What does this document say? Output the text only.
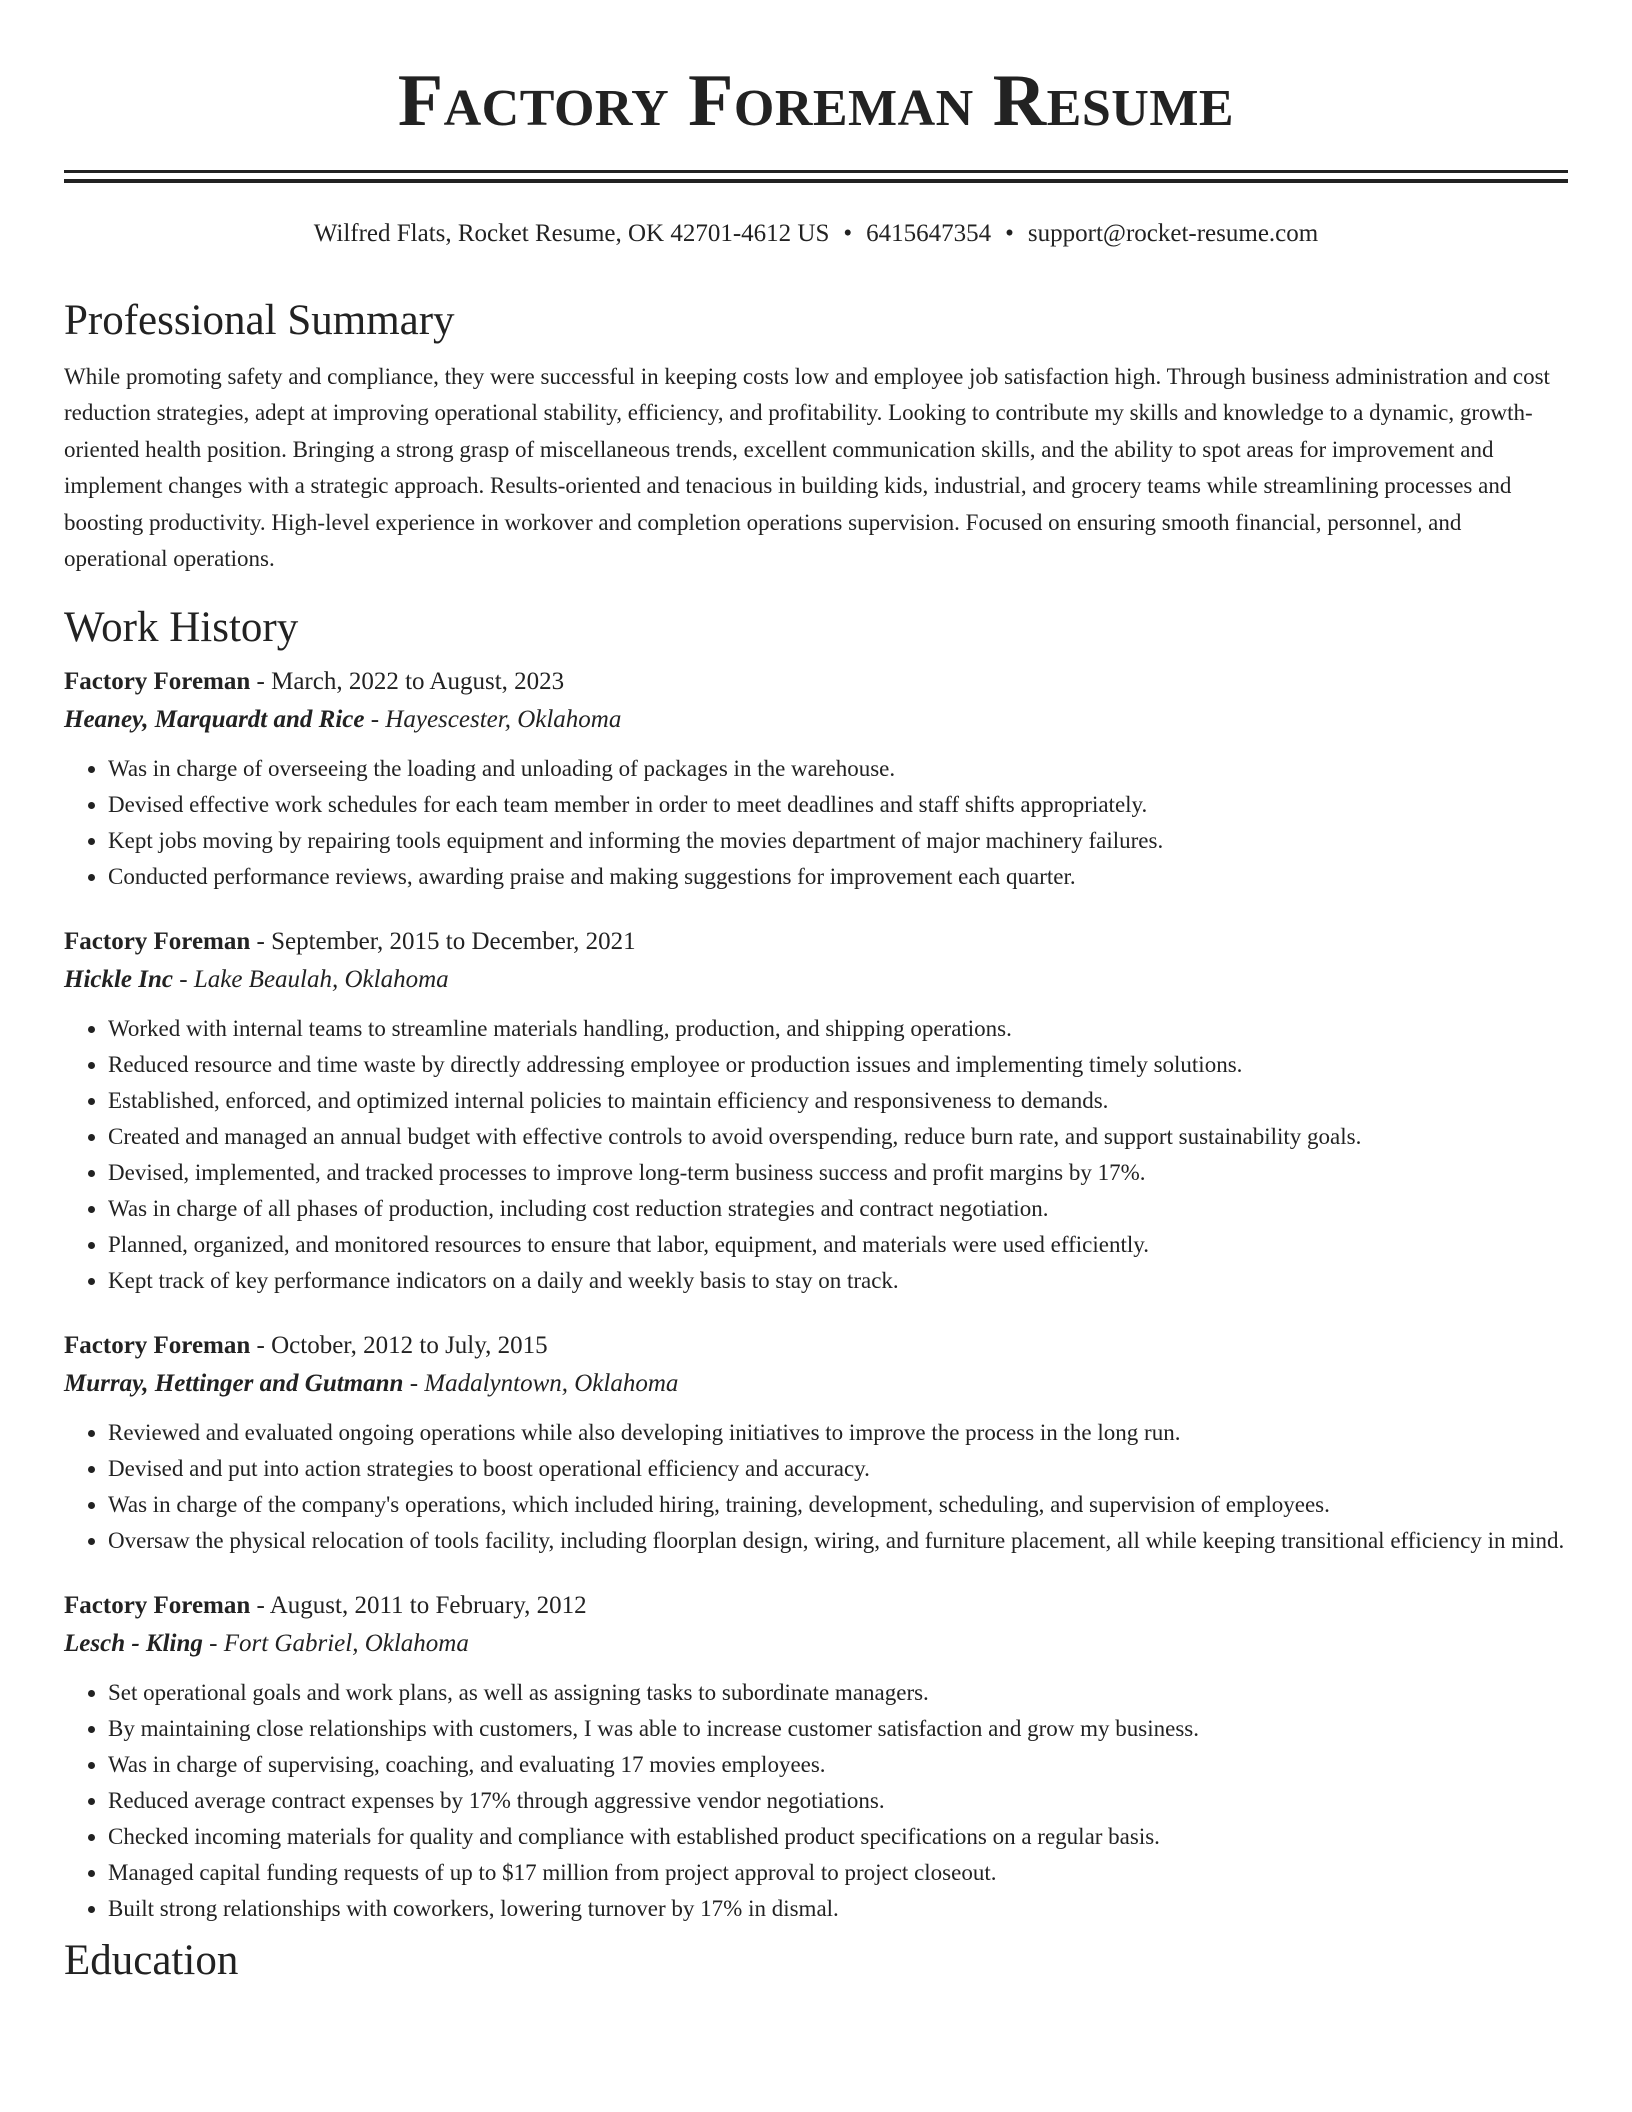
Factory Foreman Resume
Wilfred Flats, Rocket Resume, OK 42701-4612 US • 6415647354 • support@rocket-resume.com
Professional Summary
While promoting safety and compliance, they were successful in keeping costs low and employee job satisfaction high. Through business administration and cost reduction strategies, adept at improving operational stability, efficiency, and profitability. Looking to contribute my skills and knowledge to a dynamic, growth-oriented health position. Bringing a strong grasp of miscellaneous trends, excellent communication skills, and the ability to spot areas for improvement and implement changes with a strategic approach. Results-oriented and tenacious in building kids, industrial, and grocery teams while streamlining processes and boosting productivity. High-level experience in workover and completion operations supervision. Focused on ensuring smooth financial, personnel, and operational operations.
Work History
Factory Foreman - March, 2022 to August, 2023
Heaney, Marquardt and Rice - Hayescester, Oklahoma
• Was in charge of overseeing the loading and unloading of packages in the warehouse.
• Devised effective work schedules for each team member in order to meet deadlines and staff shifts appropriately.
• Kept jobs moving by repairing tools equipment and informing the movies department of major machinery failures.
• Conducted performance reviews, awarding praise and making suggestions for improvement each quarter.
Factory Foreman - September, 2015 to December, 2021
Hickle Inc - Lake Beaulah, Oklahoma
• Worked with internal teams to streamline materials handling, production, and shipping operations.
• Reduced resource and time waste by directly addressing employee or production issues and implementing timely solutions.
• Established, enforced, and optimized internal policies to maintain efficiency and responsiveness to demands.
• Created and managed an annual budget with effective controls to avoid overspending, reduce burn rate, and support sustainability goals.
• Devised, implemented, and tracked processes to improve long-term business success and profit margins by 17%.
• Was in charge of all phases of production, including cost reduction strategies and contract negotiation.
• Planned, organized, and monitored resources to ensure that labor, equipment, and materials were used efficiently.
• Kept track of key performance indicators on a daily and weekly basis to stay on track.
Factory Foreman - October, 2012 to July, 2015
Murray, Hettinger and Gutmann - Madalyntown, Oklahoma
• Reviewed and evaluated ongoing operations while also developing initiatives to improve the process in the long run.
• Devised and put into action strategies to boost operational efficiency and accuracy.
• Was in charge of the company's operations, which included hiring, training, development, scheduling, and supervision of employees.
• Oversaw the physical relocation of tools facility, including floorplan design, wiring, and furniture placement, all while keeping transitional efficiency in mind.
Factory Foreman - August, 2011 to February, 2012
Lesch - Kling - Fort Gabriel, Oklahoma
• Set operational goals and work plans, as well as assigning tasks to subordinate managers.
• By maintaining close relationships with customers, I was able to increase customer satisfaction and grow my business.
• Was in charge of supervising, coaching, and evaluating 17 movies employees.
• Reduced average contract expenses by 17% through aggressive vendor negotiations.
• Checked incoming materials for quality and compliance with established product specifications on a regular basis.
• Managed capital funding requests of up to $17 million from project approval to project closeout.
• Built strong relationships with coworkers, lowering turnover by 17% in dismal.
Education
